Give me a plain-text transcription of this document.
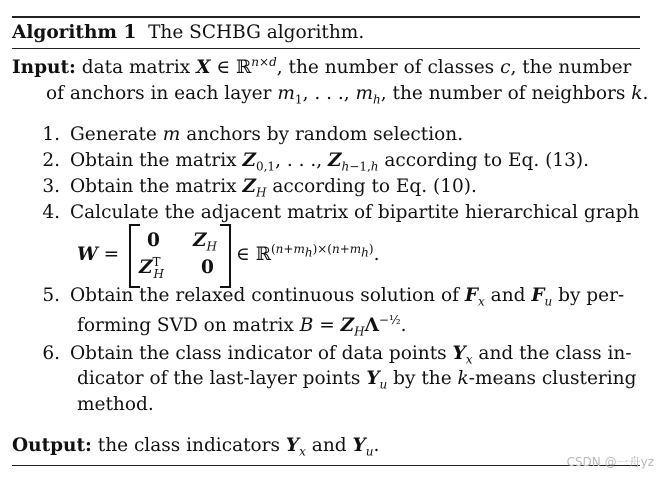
Algorithm 1 The SCHBG algorithm.
Input: data matrix X ∈ ℝ$^{n\times d}$, the number of classes c, the number
of anchors in each layer $m_1$, . . ., $m_h$, the number of neighbors k.
1. Generate m anchors by random selection.
2. Obtain the matrix $Z_{0,1}$, . . ., $Z_{h-1,h}$ according to Eq. (13).
3. Obtain the matrix $Z_H$ according to Eq. (10).
4. Calculate the adjacent matrix of bipartite hierarchical graph
W =
0 $Z_H$
$Z^T_H$ 0
∈ ℝ$^{(n+m_h)\times(n+m_h)}$.
5. Obtain the relaxed continuous solution of $F_x$ and $F_u$ by per-
forming SVD on matrix $B = Z_H\Lambda^{-\frac{1}{2}}$.
6. Obtain the class indicator of data points $Y_x$ and the class in-
dicator of the last-layer points $Y_u$ by the k-means clustering
method.
Output: the class indicators $Y_x$ and $Y_u$.
CSDN @一舟yz
